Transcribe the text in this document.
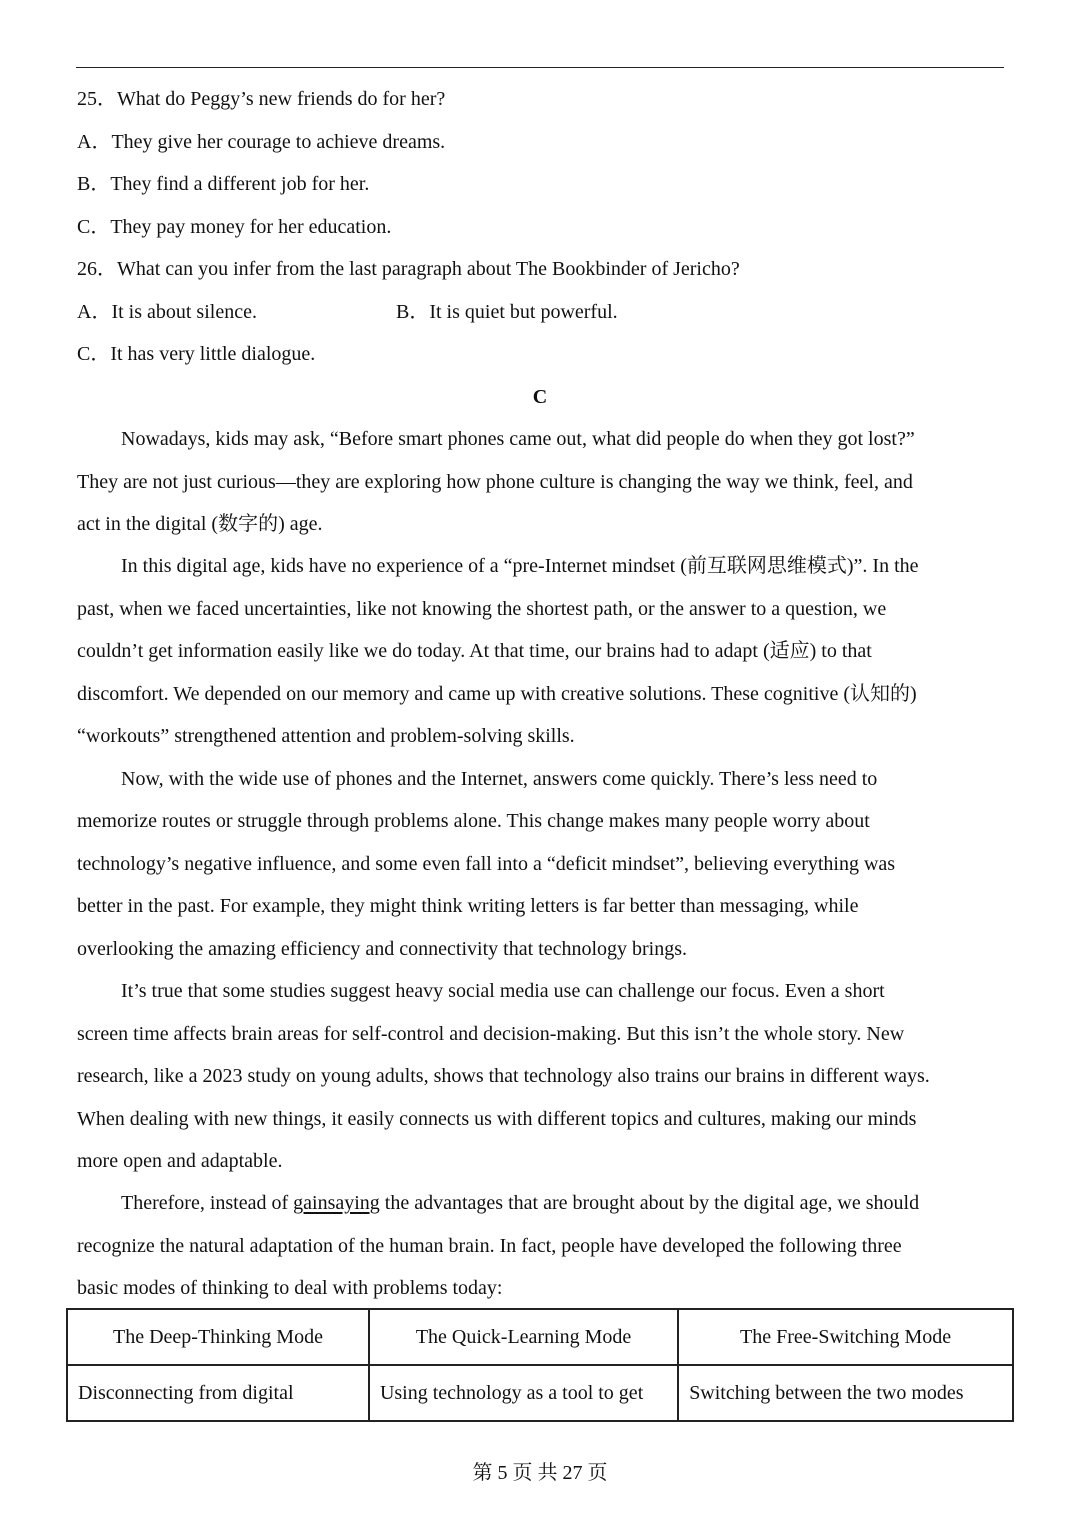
25．What do Peggy’s new friends do for her?
A．They give her courage to achieve dreams.
B．They find a different job for her.
C．They pay money for her education.
26．What can you infer from the last paragraph about The Bookbinder of Jericho?
A．It is about silence.	B．It is quiet but powerful.
C．It has very little dialogue.
C
Nowadays, kids may ask, “Before smart phones came out, what did people do when they got lost?”
They are not just curious—they are exploring how phone culture is changing the way we think, feel, and
act in the digital (数字的) age.
In this digital age, kids have no experience of a “pre-Internet mindset (前互联网思维模式)”. In the
past, when we faced uncertainties, like not knowing the shortest path, or the answer to a question, we
couldn’t get information easily like we do today. At that time, our brains had to adapt (适应) to that
discomfort. We depended on our memory and came up with creative solutions. These cognitive (认知的)
“workouts” strengthened attention and problem-solving skills.
Now, with the wide use of phones and the Internet, answers come quickly. There’s less need to
memorize routes or struggle through problems alone. This change makes many people worry about
technology’s negative influence, and some even fall into a “deficit mindset”, believing everything was
better in the past. For example, they might think writing letters is far better than messaging, while
overlooking the amazing efficiency and connectivity that technology brings.
It’s true that some studies suggest heavy social media use can challenge our focus. Even a short
screen time affects brain areas for self-control and decision-making. But this isn’t the whole story. New
research, like a 2023 study on young adults, shows that technology also trains our brains in different ways.
When dealing with new things, it easily connects us with different topics and cultures, making our minds
more open and adaptable.
Therefore, instead of gainsaying the advantages that are brought about by the digital age, we should
recognize the natural adaptation of the human brain. In fact, people have developed the following three
basic modes of thinking to deal with problems today:
The Deep-Thinking Mode	The Quick-Learning Mode	The Free-Switching Mode
Disconnecting from digital	Using technology as a tool to get	Switching between the two modes
第 5 页 共 27 页
